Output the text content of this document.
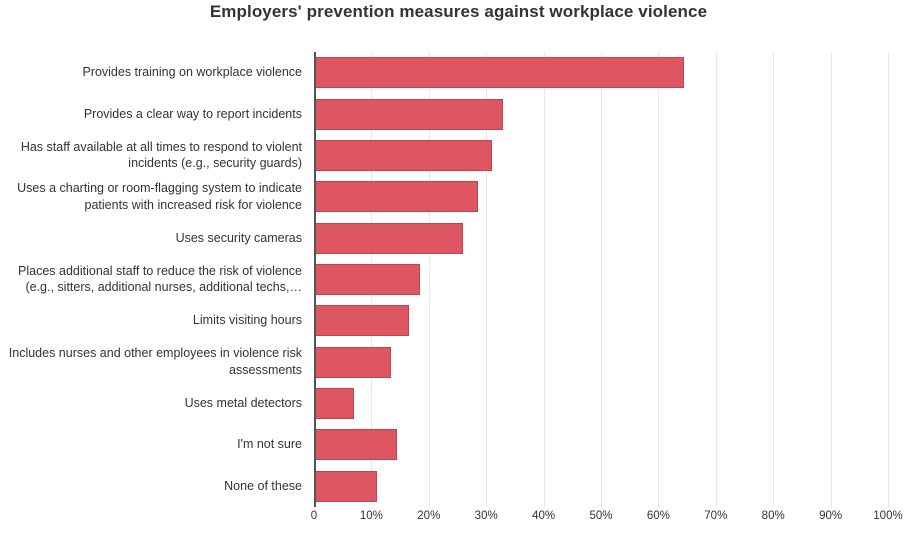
Employers' prevention measures against workplace violence
Provides training on workplace violence
Provides a clear way to report incidents
Has staff available at all times to respond to violent
incidents (e.g., security guards)
Uses a charting or room-flagging system to indicate
patients with increased risk for violence
Uses security cameras
Places additional staff to reduce the risk of violence
(e.g., sitters, additional nurses, additional techs,…
Limits visiting hours
Includes nurses and other employees in violence risk
assessments
Uses metal detectors
I'm not sure
None of these
0	10%	20%	30%	40%	50%	60%	70%	80%	90%	100%
